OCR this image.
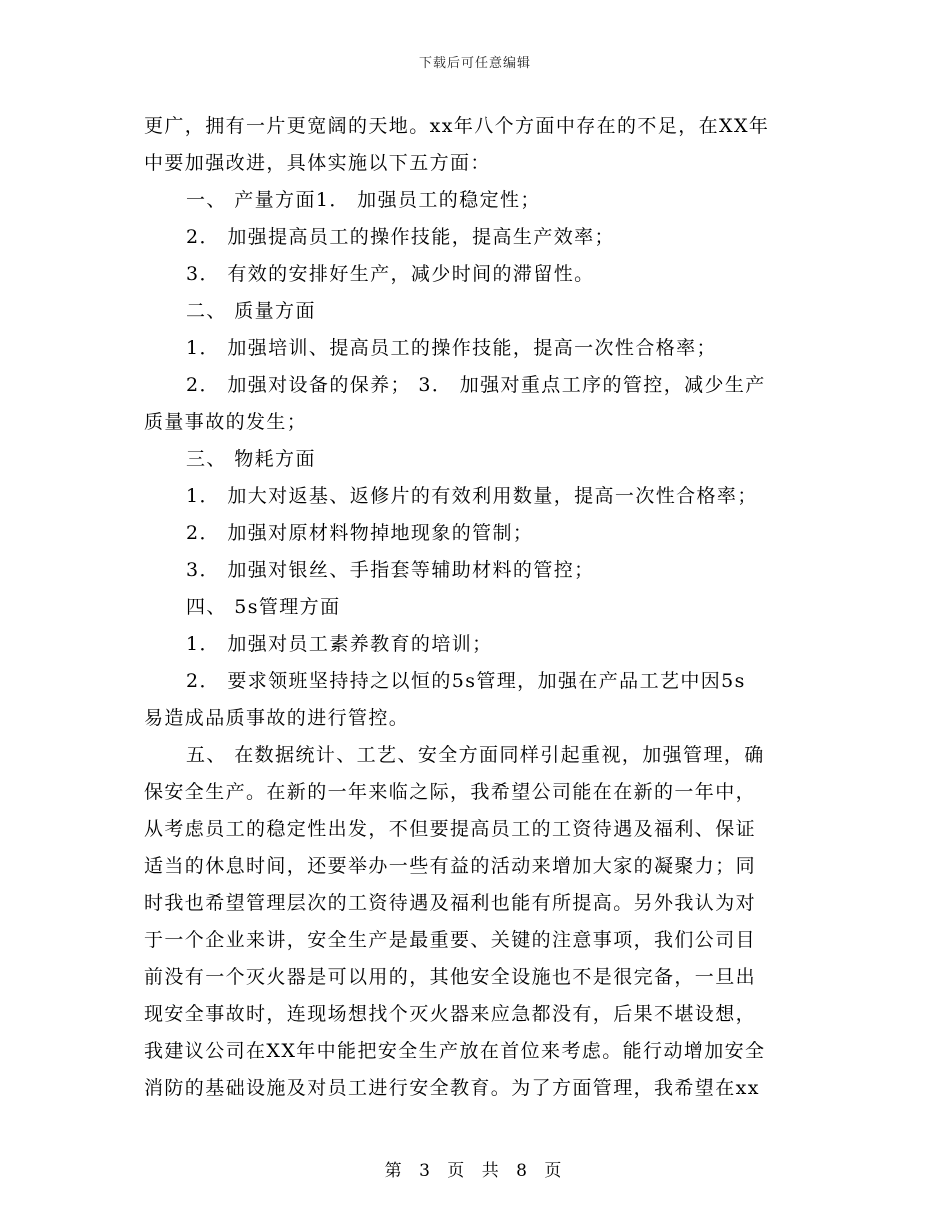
下载后可任意编辑
更广，拥有一片更宽阔的天地。xx年八个方面中存在的不足，在XX年
中要加强改进，具体实施以下五方面：
一、 产量方面1． 加强员工的稳定性；
2． 加强提高员工的操作技能，提高生产效率；
3． 有效的安排好生产，减少时间的滞留性。
二、 质量方面
1． 加强培训、提高员工的操作技能，提高一次性合格率；
2． 加强对设备的保养； 3． 加强对重点工序的管控，减少生产
质量事故的发生；
三、 物耗方面
1． 加大对返基、返修片的有效利用数量，提高一次性合格率；
2． 加强对原材料物掉地现象的管制；
3． 加强对银丝、手指套等辅助材料的管控；
四、 5s管理方面
1． 加强对员工素养教育的培训；
2． 要求领班坚持持之以恒的5s管理，加强在产品工艺中因5s
易造成品质事故的进行管控。
五、 在数据统计、工艺、安全方面同样引起重视，加强管理，确
保安全生产。在新的一年来临之际，我希望公司能在在新的一年中，
从考虑员工的稳定性出发，不但要提高员工的工资待遇及福利、保证
适当的休息时间，还要举办一些有益的活动来增加大家的凝聚力；同
时我也希望管理层次的工资待遇及福利也能有所提高。另外我认为对
于一个企业来讲，安全生产是最重要、关键的注意事项，我们公司目
前没有一个灭火器是可以用的，其他安全设施也不是很完备，一旦出
现安全事故时，连现场想找个灭火器来应急都没有，后果不堪设想，
我建议公司在XX年中能把安全生产放在首位来考虑。能行动增加安全
消防的基础设施及对员工进行安全教育。为了方面管理，我希望在xx
第 3 页 共 8 页
